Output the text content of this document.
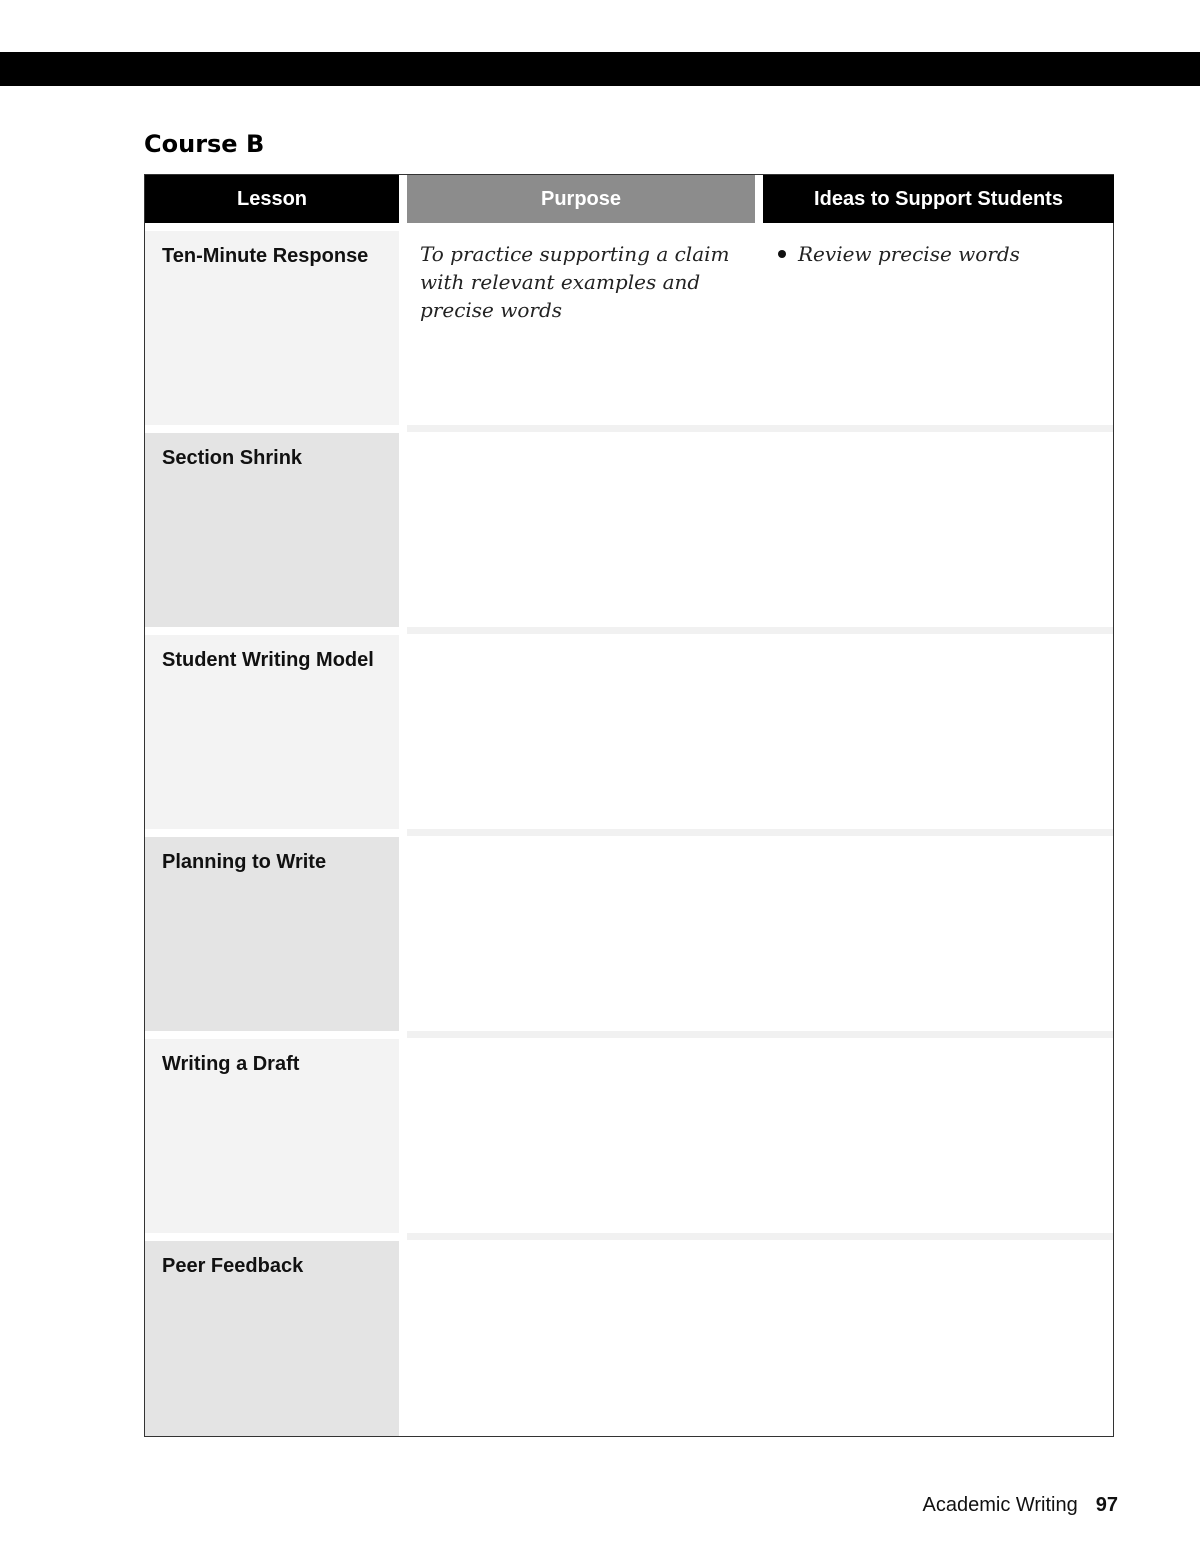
Course B
Lesson	Purpose	Ideas to Support Students
Ten-Minute Response
Section Shrink
Student Writing Model
Planning to Write
Writing a Draft
Peer Feedback
To practice supporting a claim with relevant examples and precise words
Review precise words
Academic Writing 97
